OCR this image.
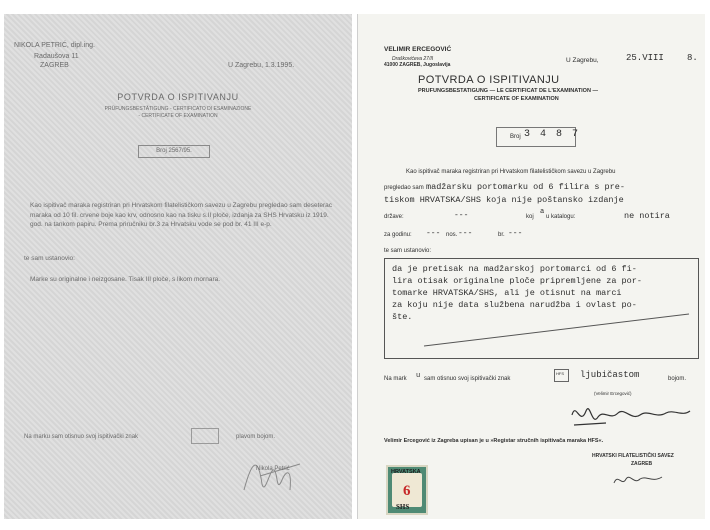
NIKOLA PETRIĆ, dipl.ing.
Radaušova 11
ZAGREB	U Zagrebu, 1.3.1995.
POTVRDA O ISPITIVANJU
PRÜFUNGSBESTÄTIGUNG - CERTIFICATO DI ESAMINAZIONE
- CERTIFICATE OF EXAMINATION
Broj 2567/95.

Kao ispitivač maraka registriran pri Hrvatskom filatelističkom savezu u Zagrebu pregledao sam deseterac maraka od 10 fil. crvene boje kao krv, odnosno kao na tisku s.II ploče, izdanja za SHS Hrvatsku iz 1919. god. na tankom papiru. Prema priručniku br.3 za Hrvatsku vode se pod br. 41 III e-p.

te sam ustanovio:
Marke su originalne i neizgosane. Tisak III ploče, s likom mornara.
Na marku sam otisnuo svoj ispitivački znak	plavom bojom.
Nikola Petrić
VELIMIR ERCEGOVIĆ
Draškovićeva 27/II
41000 ZAGREB, Jugoslavija
U Zagrebu,	25.VIII	8.
POTVRDA O ISPITIVANJU
PRUFUNGSBESTATIGUNG — LE CERTIFICAT DE L'EXAMINATION —
CERTIFICATE OF EXAMINATION
Broj 3 4 8 7
Kao ispitivač maraka registriran pri Hrvatskom filatelističkom savezu u Zagrebu
pregledao sam madžarsku portomarku od 6 filira s pre-
tiskom HRVATSKA/SHS koja nije poštansko izdanje
države:	---	koj
a
u katalogu:	ne notira
za godinu: --- nos. ---	br. ---
te sam ustanovio:
da je pretisak na madžarskoj portomarci od 6 fi-
lira otisak originalne ploče pripremljene za por-
tomarke HRVATSKA/SHS, ali je otisnut na marci
za koju nije data službena narudžba i ovlast po-
šte.
Na mark u sam otisnuo svoj ispitivački znak
HFS ljubičastom	bojom.
(Velimir Ercegović)
Velimir Ercegović iz Zagreba upisan je u »Registar stručnih ispitivača maraka HFS«.
HRVATSKI FILATELISTIČKI SAVEZ
ZAGREB
HRVATSKA
6
SHS
